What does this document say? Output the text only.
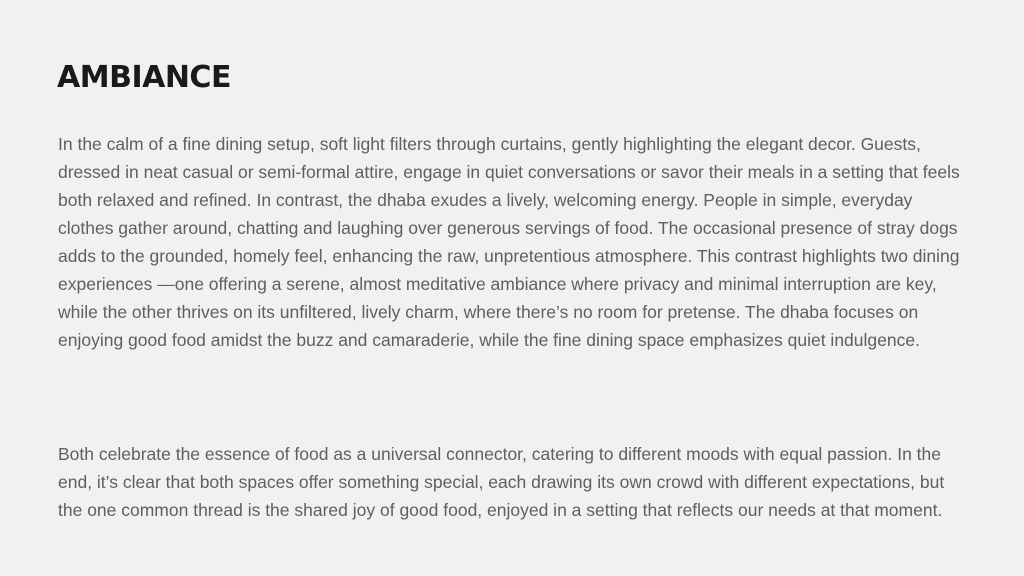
AMBIANCE

In the calm of a fine dining setup, soft light filters through curtains, gently highlighting the elegant decor. Guests, dressed in neat casual or semi-formal attire, engage in quiet conversations or savor their meals in a setting that feels both relaxed and refined. In contrast, the dhaba exudes a lively, welcoming energy. People in simple, everyday clothes gather around, chatting and laughing over generous servings of food. The occasional presence of stray dogs adds to the grounded, homely feel, enhancing the raw, unpretentious atmosphere. This contrast highlights two dining experiences —one offering a serene, almost meditative ambiance where privacy and minimal interruption are key, while the other thrives on its unfiltered, lively charm, where there’s no room for pretense. The dhaba focuses on enjoying good food amidst the buzz and camaraderie, while the fine dining space emphasizes quiet indulgence.

Both celebrate the essence of food as a universal connector, catering to different moods with equal passion. In the end, it’s clear that both spaces offer something special, each drawing its own crowd with different expectations, but the one common thread is the shared joy of good food, enjoyed in a setting that reflects our needs at that moment.
